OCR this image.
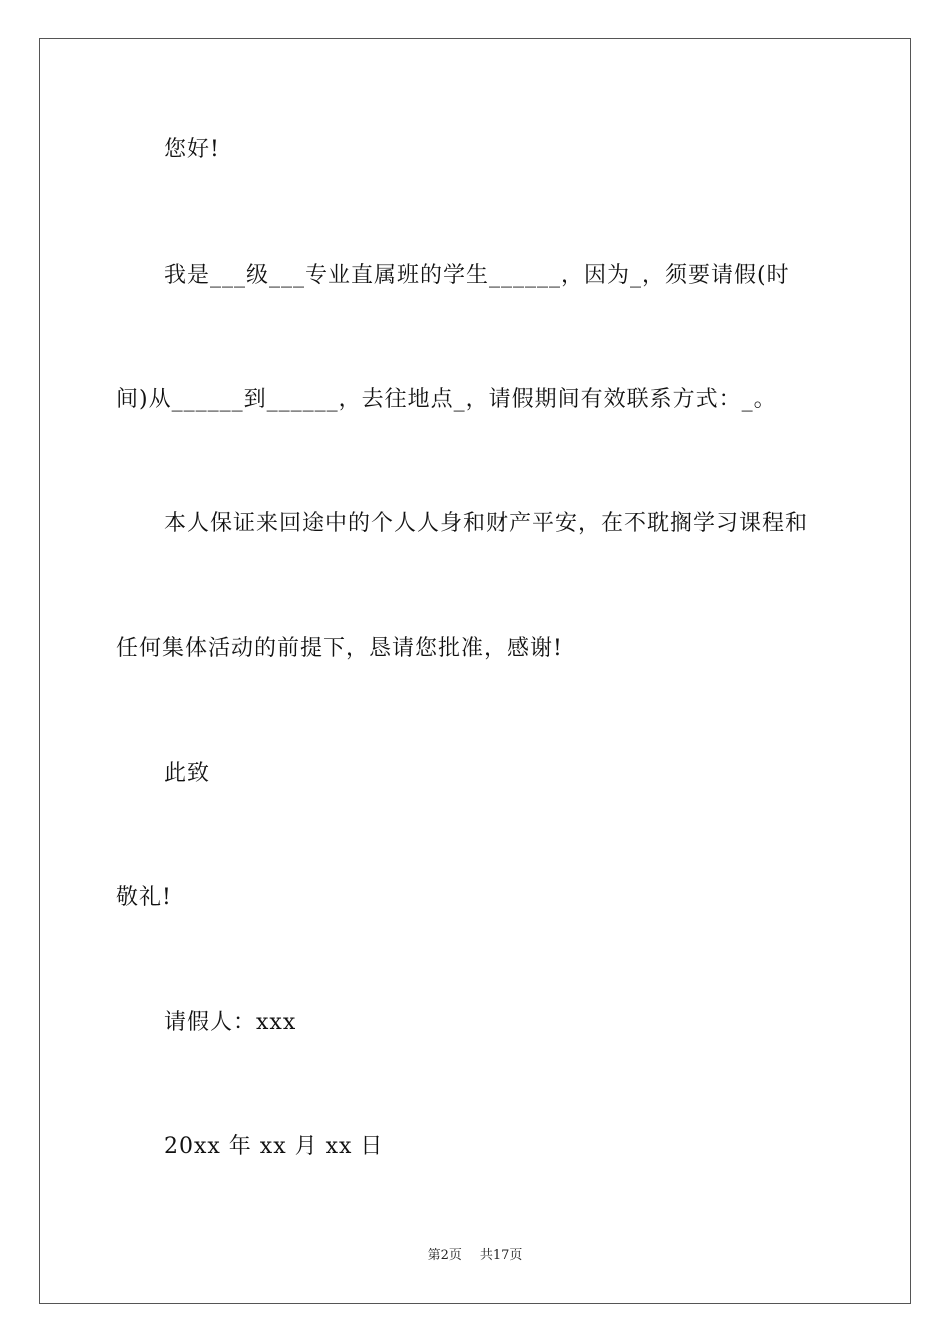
您好!
我是___级___专业直属班的学生______，因为_，须要请假(时
间)从______到______，去往地点_，请假期间有效联系方式：_。
本人保证来回途中的个人人身和财产平安，在不耽搁学习课程和
任何集体活动的前提下，恳请您批准，感谢!
此致
敬礼!
请假人：xxx
20xx 年 xx 月 xx 日
第2页 共17页
